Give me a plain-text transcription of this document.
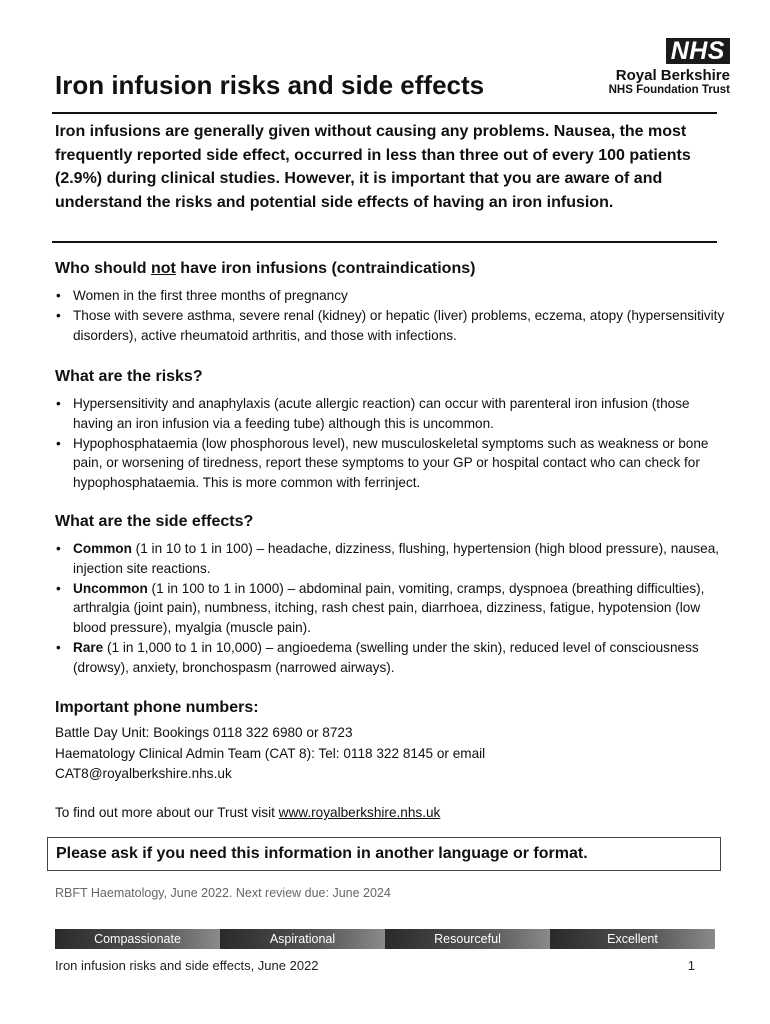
NHS
Royal Berkshire
NHS Foundation Trust
Iron infusion risks and side effects

Iron infusions are generally given without causing any problems. Nausea, the most frequently reported side effect, occurred in less than three out of every 100 patients (2.9%) during clinical studies. However, it is important that you are aware of and understand the risks and potential side effects of having an iron infusion.

Who should not have iron infusions (contraindications)
• Women in the first three months of pregnancy
• Those with severe asthma, severe renal (kidney) or hepatic (liver) problems, eczema, atopy (hypersensitivity disorders), active rheumatoid arthritis, and those with infections.
What are the risks?
• Hypersensitivity and anaphylaxis (acute allergic reaction) can occur with parenteral iron infusion (those having an iron infusion via a feeding tube) although this is uncommon.
• Hypophosphataemia (low phosphorous level), new musculoskeletal symptoms such as weakness or bone pain, or worsening of tiredness, report these symptoms to your GP or hospital contact who can check for hypophosphataemia. This is more common with ferrinject.
What are the side effects?
• Common (1 in 10 to 1 in 100) – headache, dizziness, flushing, hypertension (high blood pressure), nausea, injection site reactions.
• Uncommon (1 in 100 to 1 in 1000) – abdominal pain, vomiting, cramps, dyspnoea (breathing difficulties), arthralgia (joint pain), numbness, itching, rash chest pain, diarrhoea, dizziness, fatigue, hypotension (low blood pressure), myalgia (muscle pain).
• Rare (1 in 1,000 to 1 in 10,000) – angioedema (swelling under the skin), reduced level of consciousness (drowsy), anxiety, bronchospasm (narrowed airways).
Important phone numbers:

Battle Day Unit: Bookings 0118 322 6980 or 8723

Haematology Clinical Admin Team (CAT 8): Tel: 0118 322 8145 or email

CAT8@royalberkshire.nhs.uk

To find out more about our Trust visit www.royalberkshire.nhs.uk
Please ask if you need this information in another language or format.
RBFT Haematology, June 2022. Next review due: June 2024
Compassionate	Aspirational	Resourceful	Excellent
Iron infusion risks and side effects, June 2022	1
